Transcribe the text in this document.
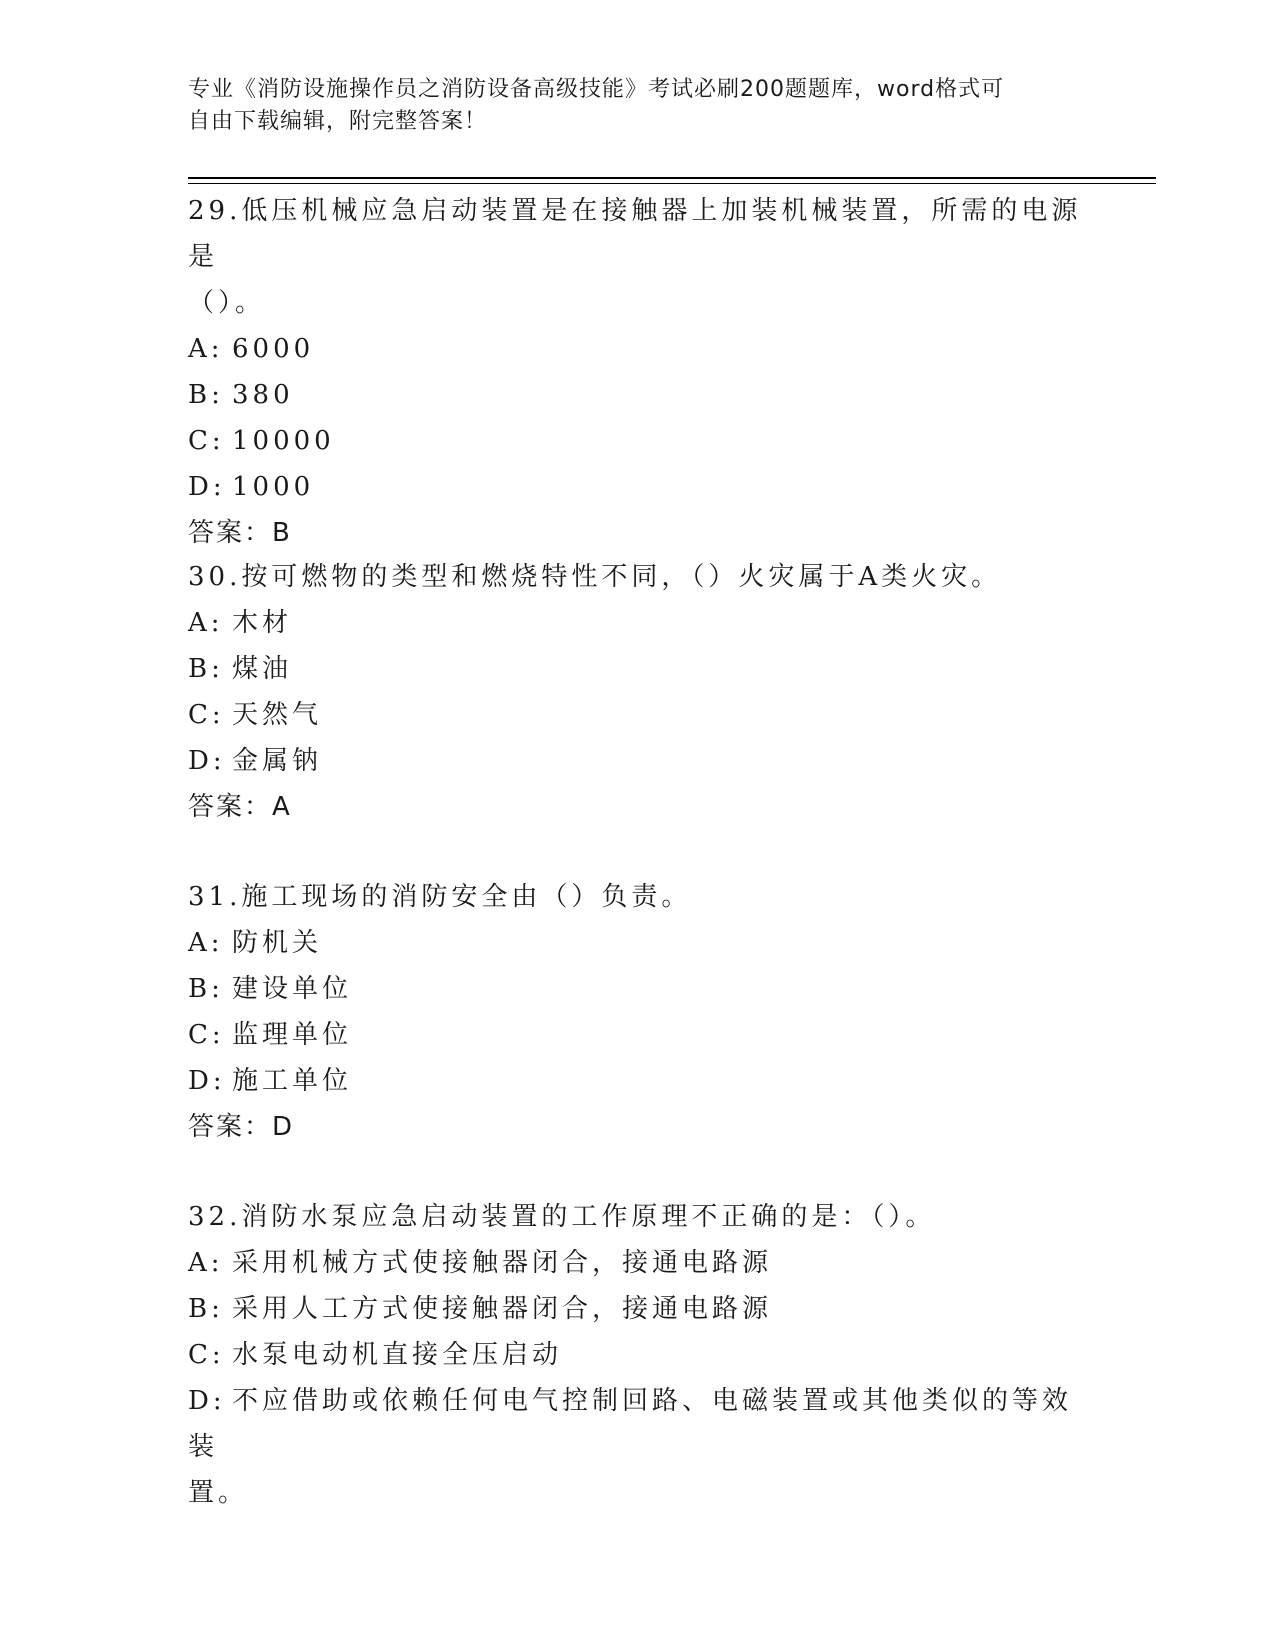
专业《消防设施操作员之消防设备高级技能》考试必刷200题题库，word格式可
自由下载编辑，附完整答案！

29.低压机械应急启动装置是在接触器上加装机械装置，所需的电源是

（）。

A: 6000

B: 380

C: 10000

D: 1000

答案：B

30.按可燃物的类型和燃烧特性不同，（）火灾属于A类火灾。

A: 木材

B: 煤油

C: 天然气

D: 金属钠

答案：A

31.施工现场的消防安全由（）负责。

A: 防机关

B: 建设单位

C: 监理单位

D: 施工单位

答案：D

32.消防水泵应急启动装置的工作原理不正确的是：（）。

A: 采用机械方式使接触器闭合，接通电路源

B: 采用人工方式使接触器闭合，接通电路源

C: 水泵电动机直接全压启动

D: 不应借助或依赖任何电气控制回路、电磁装置或其他类似的等效装

置。
